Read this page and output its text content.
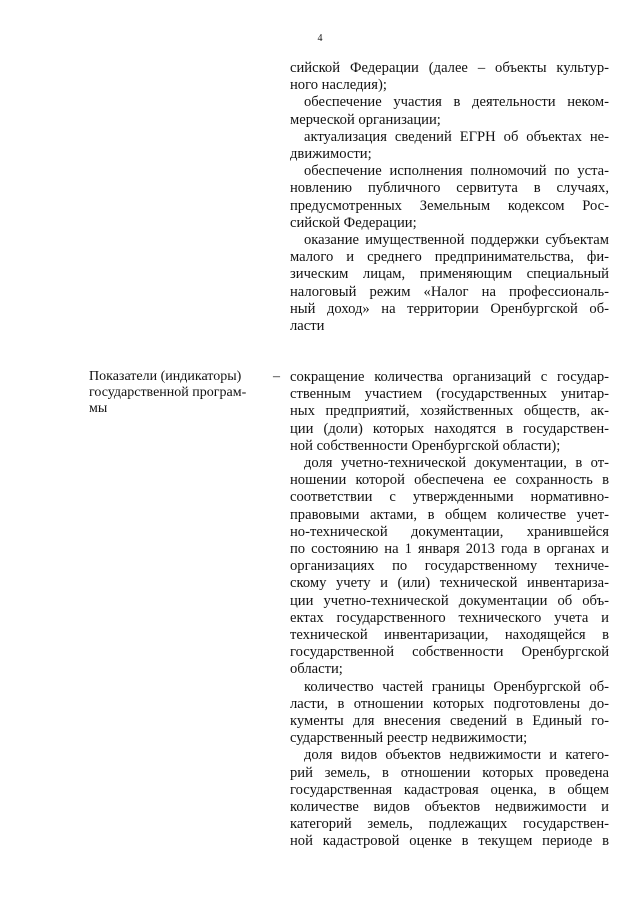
4
сийской Федерации (далее – объекты культур-
ного наследия);
обеспечение участия в деятельности неком-
мерческой организации;
актуализация сведений ЕГРН об объектах не-
движимости;
обеспечение исполнения полномочий по уста-
новлению публичного сервитута в случаях,
предусмотренных Земельным кодексом Рос-
сийской Федерации;
оказание имущественной поддержки субъектам
малого и среднего предпринимательства, фи-
зическим лицам, применяющим специальный
налоговый режим «Налог на профессиональ-
ный доход» на территории Оренбургской об-
ласти
Показатели (индикаторы)
государственной програм-
мы
– сокращение количества организаций с государ-
ственным участием (государственных унитар-
ных предприятий, хозяйственных обществ, ак-
ции (доли) которых находятся в государствен-
ной собственности Оренбургской области);
доля учетно-технической документации, в от-
ношении которой обеспечена ее сохранность в
соответствии с утвержденными нормативно-
правовыми актами, в общем количестве учет-
но-технической документации, хранившейся
по состоянию на 1 января 2013 года в органах и
организациях по государственному техниче-
скому учету и (или) технической инвентаризa-
ции учетно-технической документации об объ-
ектах государственного технического учета и
технической инвентаризации, находящейся в
государственной собственности Оренбургской
области;
количество частей границы Оренбургской об-
ласти, в отношении которых подготовлены до-
кументы для внесения сведений в Единый го-
сударственный реестр недвижимости;
доля видов объектов недвижимости и катего-
рий земель, в отношении которых проведена
государственная кадастровая оценка, в общем
количестве видов объектов недвижимости и
категорий земель, подлежащих государствен-
ной кадастровой оценке в текущем периоде в
